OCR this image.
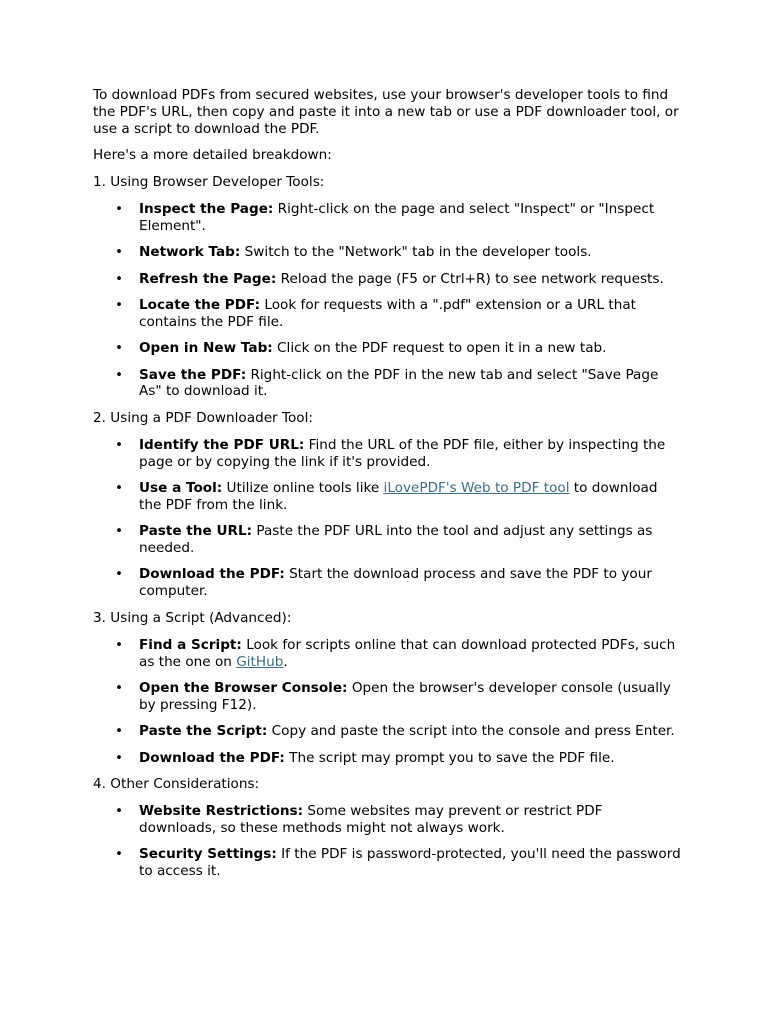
To download PDFs from secured websites, use your browser's developer tools to find the PDF's URL, then copy and paste it into a new tab or use a PDF downloader tool, or use a script to download the PDF.

Here's a more detailed breakdown:

1. Using Browser Developer Tools:

• Inspect the Page: Right-click on the page and select "Inspect" or "Inspect Element".
• Network Tab: Switch to the "Network" tab in the developer tools.
• Refresh the Page: Reload the page (F5 or Ctrl+R) to see network requests.
• Locate the PDF: Look for requests with a ".pdf" extension or a URL that contains the PDF file.
• Open in New Tab: Click on the PDF request to open it in a new tab.
• Save the PDF: Right-click on the PDF in the new tab and select "Save Page As" to download it.

2. Using a PDF Downloader Tool:

• Identify the PDF URL: Find the URL of the PDF file, either by inspecting the page or by copying the link if it's provided.
• Use a Tool: Utilize online tools like iLovePDF's Web to PDF tool to download the PDF from the link.
• Paste the URL: Paste the PDF URL into the tool and adjust any settings as needed.
• Download the PDF: Start the download process and save the PDF to your computer.

3. Using a Script (Advanced):

• Find a Script: Look for scripts online that can download protected PDFs, such as the one on GitHub.
• Open the Browser Console: Open the browser's developer console (usually by pressing F12).
• Paste the Script: Copy and paste the script into the console and press Enter.
• Download the PDF: The script may prompt you to save the PDF file.

4. Other Considerations:

• Website Restrictions: Some websites may prevent or restrict PDF downloads, so these methods might not always work.
• Security Settings: If the PDF is password-protected, you'll need the password to access it.
